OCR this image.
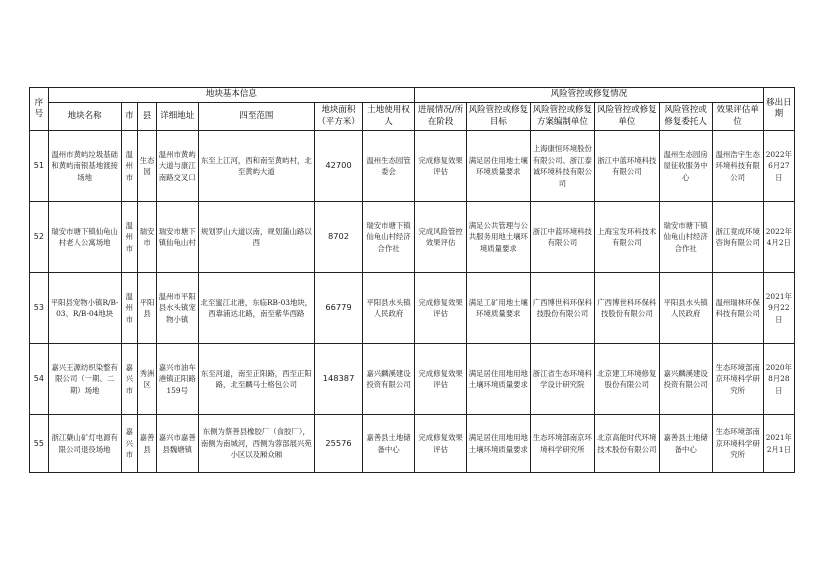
序号	地块基本信息							风险管控或修复情况						移出日期
	地块名称	市	县	详细地址	四至范围	地块面积（平方米）	土地使用权人	进展情况/所在阶段	风险管控或修复目标	风险管控或修复方案编制单位	风险管控或修复单位	风险管控或修复委托人	效果评估单位	
51	温州市黄屿垃圾基础和黄屿南银基地渡接场地	温州市	生态园	温州市黄屿大道与康江南路交叉口	东至上江河，西和南至黄屿村，北至黄屿大道	42700	温州生态园管委会	完成修复效果评估	满足居住用地土壤环境质量要求	上海康恒环境股份有限公司、浙江泰诚环境科技有限公司	浙江中蓝环境科技有限公司	温州生态园房屋征收服务中心	温州浩宇生态环境科技有限公司	2022年6月27日
52	瑞安市塘下镇仙龟山村老人公寓场地	温州市	瑞安市	瑞安市塘下镇仙龟山村	规划罗山大道以南，规划蒲山路以西	8702	瑞安市塘下镇仙龟山村经济合作社	完成风险管控效果评估	满足公共管理与公共服务用地土壤环境质量要求	浙江中蓝环境科技有限公司	上海宝发环科技术有限公司	瑞安市塘下镇仙龟山村经济合作社	浙江竟成环境咨询有限公司	2022年4月2日
53	平阳县宠物小镇R/B-03、R/B-04地块	温州市	平阳县	温州市平阳县水头镇宠物小镇	北至蜜江北港，东临RB-03地块，西靠浦达北路，南至紫华西路	66779	平阳县水头镇人民政府	完成修复效果评估	满足工矿用地土壤环境质量要求	广西博世科环保科技股份有限公司	广西博世科环保科技股份有限公司	平阳县水头镇人民政府	温州瑞林环保科技有限公司	2021年9月22日
54	嘉兴王源纺织染整有限公司（一期、二期）场地	嘉兴市	秀洲区	嘉兴市油车港镇正阳路159号	东至河道，南至正阳路，西至正阳路，北至麟马士格包公司	148387	嘉兴麟溪建设投资有限公司	完成修复效果评估	满足居住用地用地土壤环境质量要求	浙江省生态环境科学设计研究院	北京建工环境修复股份有限公司	嘉兴麟溪建设投资有限公司	生态环境部南京环境科学研究所	2020年8月28日
55	浙江蘖山矿灯电源有限公司退役场地	嘉兴市	嘉善县	嘉兴市嘉善县魏塘镇	东侧为蔡善县橡胶厂（食胶厂），南侧为南城河，西侧为蓉部展兴苑小区以及厢众厢	25576	嘉善县土地储备中心	完成修复效果评估	满足居住用地用地土壤环境质量要求	生态环境部南京环境科学研究所	北京高能时代环境技术股份有限公司	嘉善县土地储备中心	生态环境部南京环境科学研究所	2021年2月1日
